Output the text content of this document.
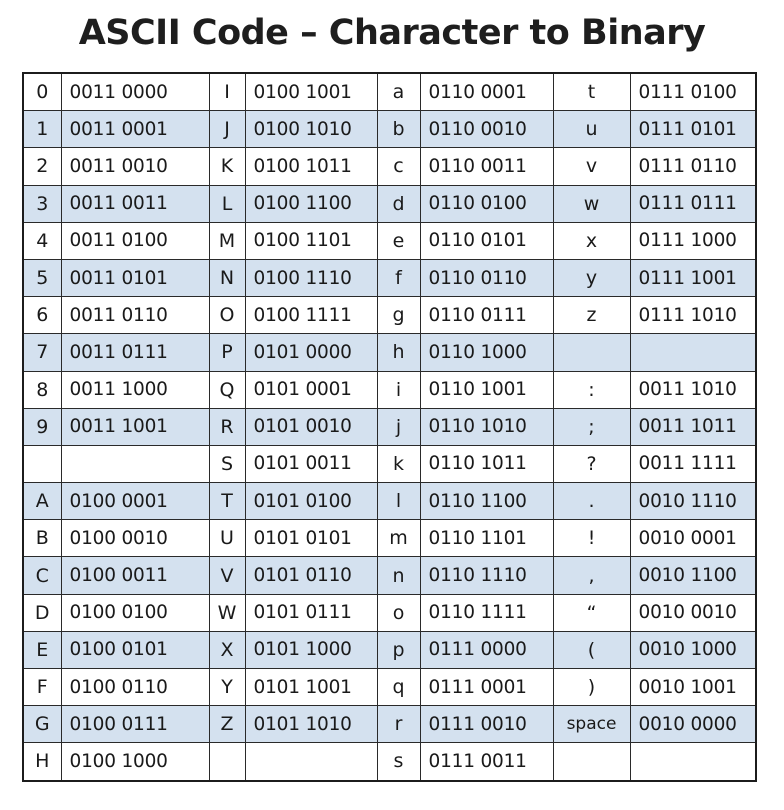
ASCII Code – Character to Binary
0	0011 0000	I	0100 1001	a	0110 0001	t	0111 0100
1	0011 0001	J	0100 1010	b	0110 0010	u	0111 0101
2	0011 0010	K	0100 1011	c	0110 0011	v	0111 0110
3	0011 0011	L	0100 1100	d	0110 0100	w	0111 0111
4	0011 0100	M	0100 1101	e	0110 0101	x	0111 1000
5	0011 0101	N	0100 1110	f	0110 0110	y	0111 1001
6	0011 0110	O	0100 1111	g	0110 0111	z	0111 1010
7	0011 0111	P	0101 0000	h	0110 1000		
8	0011 1000	Q	0101 0001	i	0110 1001	:	0011 1010
9	0011 1001	R	0101 0010	j	0110 1010	;	0011 1011
		S	0101 0011	k	0110 1011	?	0011 1111
A	0100 0001	T	0101 0100	l	0110 1100	.	0010 1110
B	0100 0010	U	0101 0101	m	0110 1101	!	0010 0001
C	0100 0011	V	0101 0110	n	0110 1110	,	0010 1100
D	0100 0100	W	0101 0111	o	0110 1111	“	0010 0010
E	0100 0101	X	0101 1000	p	0111 0000	(	0010 1000
F	0100 0110	Y	0101 1001	q	0111 0001	)	0010 1001
G	0100 0111	Z	0101 1010	r	0111 0010	space	0010 0000
H	0100 1000			s	0111 0011		
